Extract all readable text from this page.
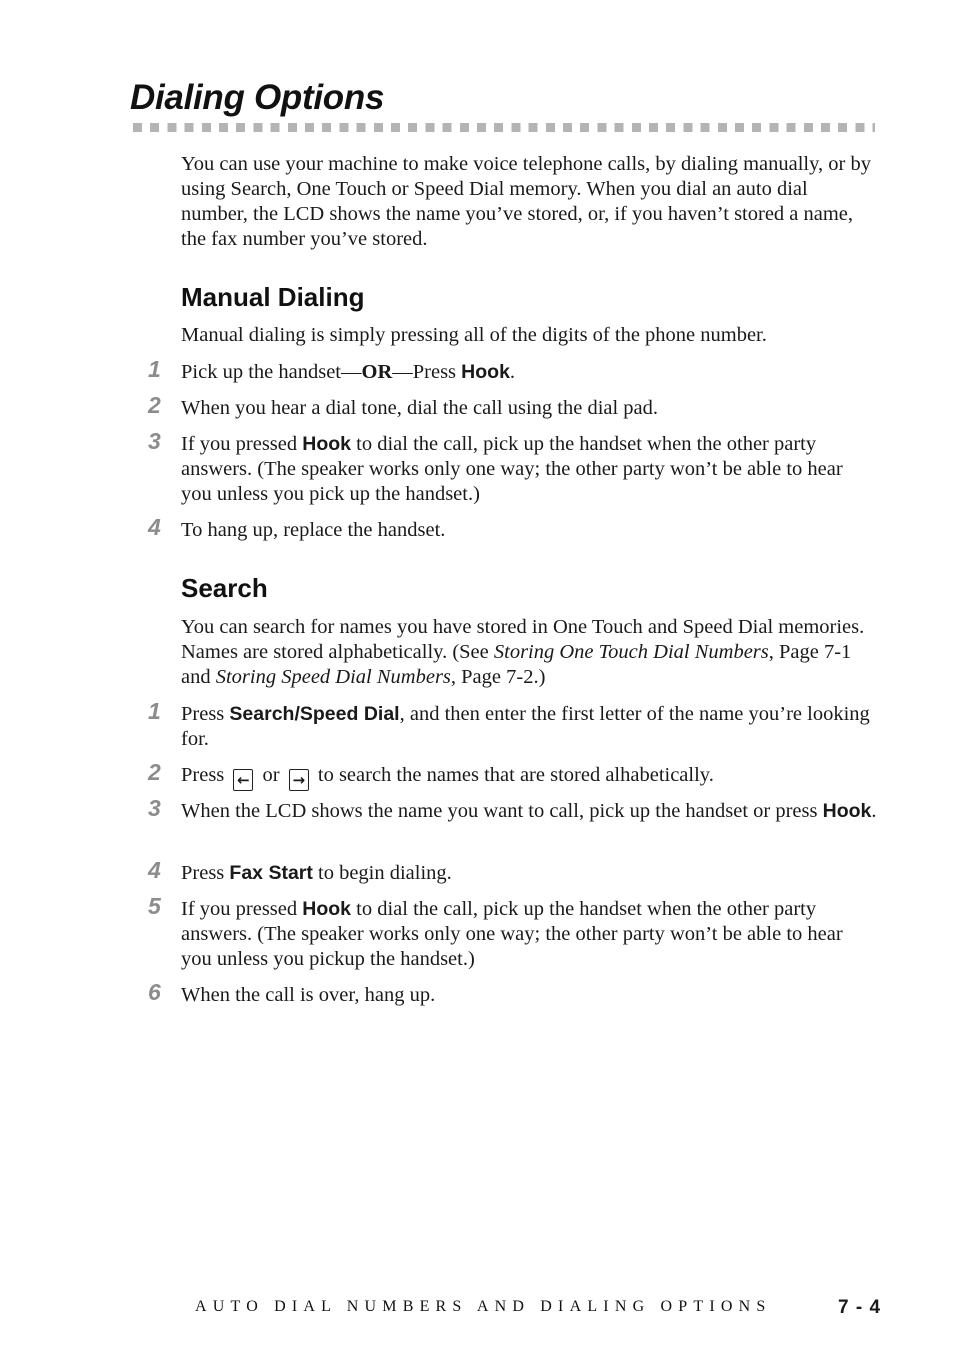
Dialing Options

You can use your machine to make voice telephone calls, by dialing manually, or by using Search, One Touch or Speed Dial memory. When you dial an auto dial number, the LCD shows the name you’ve stored, or, if you haven’t stored a name, the fax number you’ve stored.

Manual Dialing

Manual dialing is simply pressing all of the digits of the phone number.

1 Pick up the handset—OR—Press Hook.

2 When you hear a dial tone, dial the call using the dial pad.

3 If you pressed Hook to dial the call, pick up the handset when the other party answers. (The speaker works only one way; the other party won’t be able to hear you unless you pick up the handset.)

4 To hang up, replace the handset.

Search

You can search for names you have stored in One Touch and Speed Dial memories. Names are stored alphabetically. (See Storing One Touch Dial Numbers, Page 7-1 and Storing Speed Dial Numbers, Page 7-2.)

1 Press Search/Speed Dial, and then enter the first letter of the name you’re looking for.

2 Press ← or → to search the names that are stored alhabetically.

3 When the LCD shows the name you want to call, pick up the handset or press Hook.

4 Press Fax Start to begin dialing.

5 If you pressed Hook to dial the call, pick up the handset when the other party answers. (The speaker works only one way; the other party won’t be able to hear you unless you pickup the handset.)

6 When the call is over, hang up.

AUTO DIAL NUMBERS AND DIALING OPTIONS	7 - 4
